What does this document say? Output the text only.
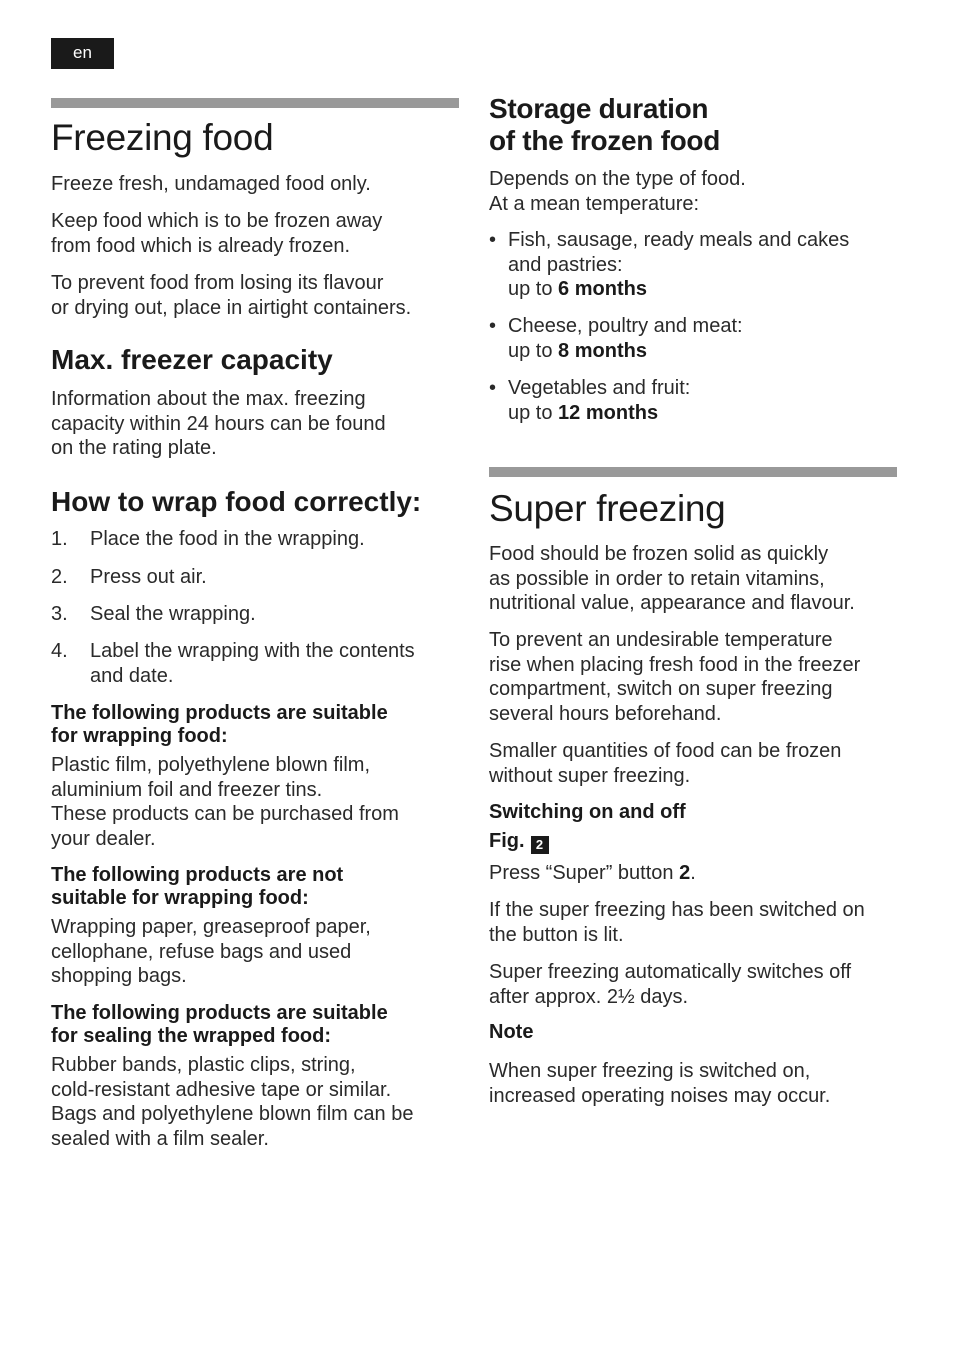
en
Freezing food

Freeze fresh, undamaged food only.

Keep food which is to be frozen away
from food which is already frozen.
To prevent food from losing its flavour
or drying out, place in airtight containers.
Max. freezer capacity
Information about the max. freezing
capacity within 24 hours can be found
on the rating plate.
How to wrap food correctly:
1. Place the food in the wrapping.
2. Press out air.
3. Seal the wrapping.
4. Label the wrapping with the contents
and date.
The following products are suitable
for wrapping food:
Plastic film, polyethylene blown film,
aluminium foil and freezer tins.
These products can be purchased from
your dealer.
The following products are not
suitable for wrapping food:
Wrapping paper, greaseproof paper,
cellophane, refuse bags and used
shopping bags.
The following products are suitable
for sealing the wrapped food:
Rubber bands, plastic clips, string,
cold-resistant adhesive tape or similar.
Bags and polyethylene blown film can be
sealed with a film sealer.
Storage duration
of the frozen food
Depends on the type of food.
At a mean temperature:
• Fish, sausage, ready meals and cakes
and pastries:
up to 6 months
• Cheese, poultry and meat:
up to 8 months
• Vegetables and fruit:
up to 12 months
Super freezing
Food should be frozen solid as quickly
as possible in order to retain vitamins,
nutritional value, appearance and flavour.
To prevent an undesirable temperature
rise when placing fresh food in the freezer
compartment, switch on super freezing
several hours beforehand.
Smaller quantities of food can be frozen
without super freezing.
Switching on and off
Fig. 2
Press “Super” button 2.
If the super freezing has been switched on
the button is lit.
Super freezing automatically switches off
after approx. 2½ days.
Note
When super freezing is switched on,
increased operating noises may occur.
